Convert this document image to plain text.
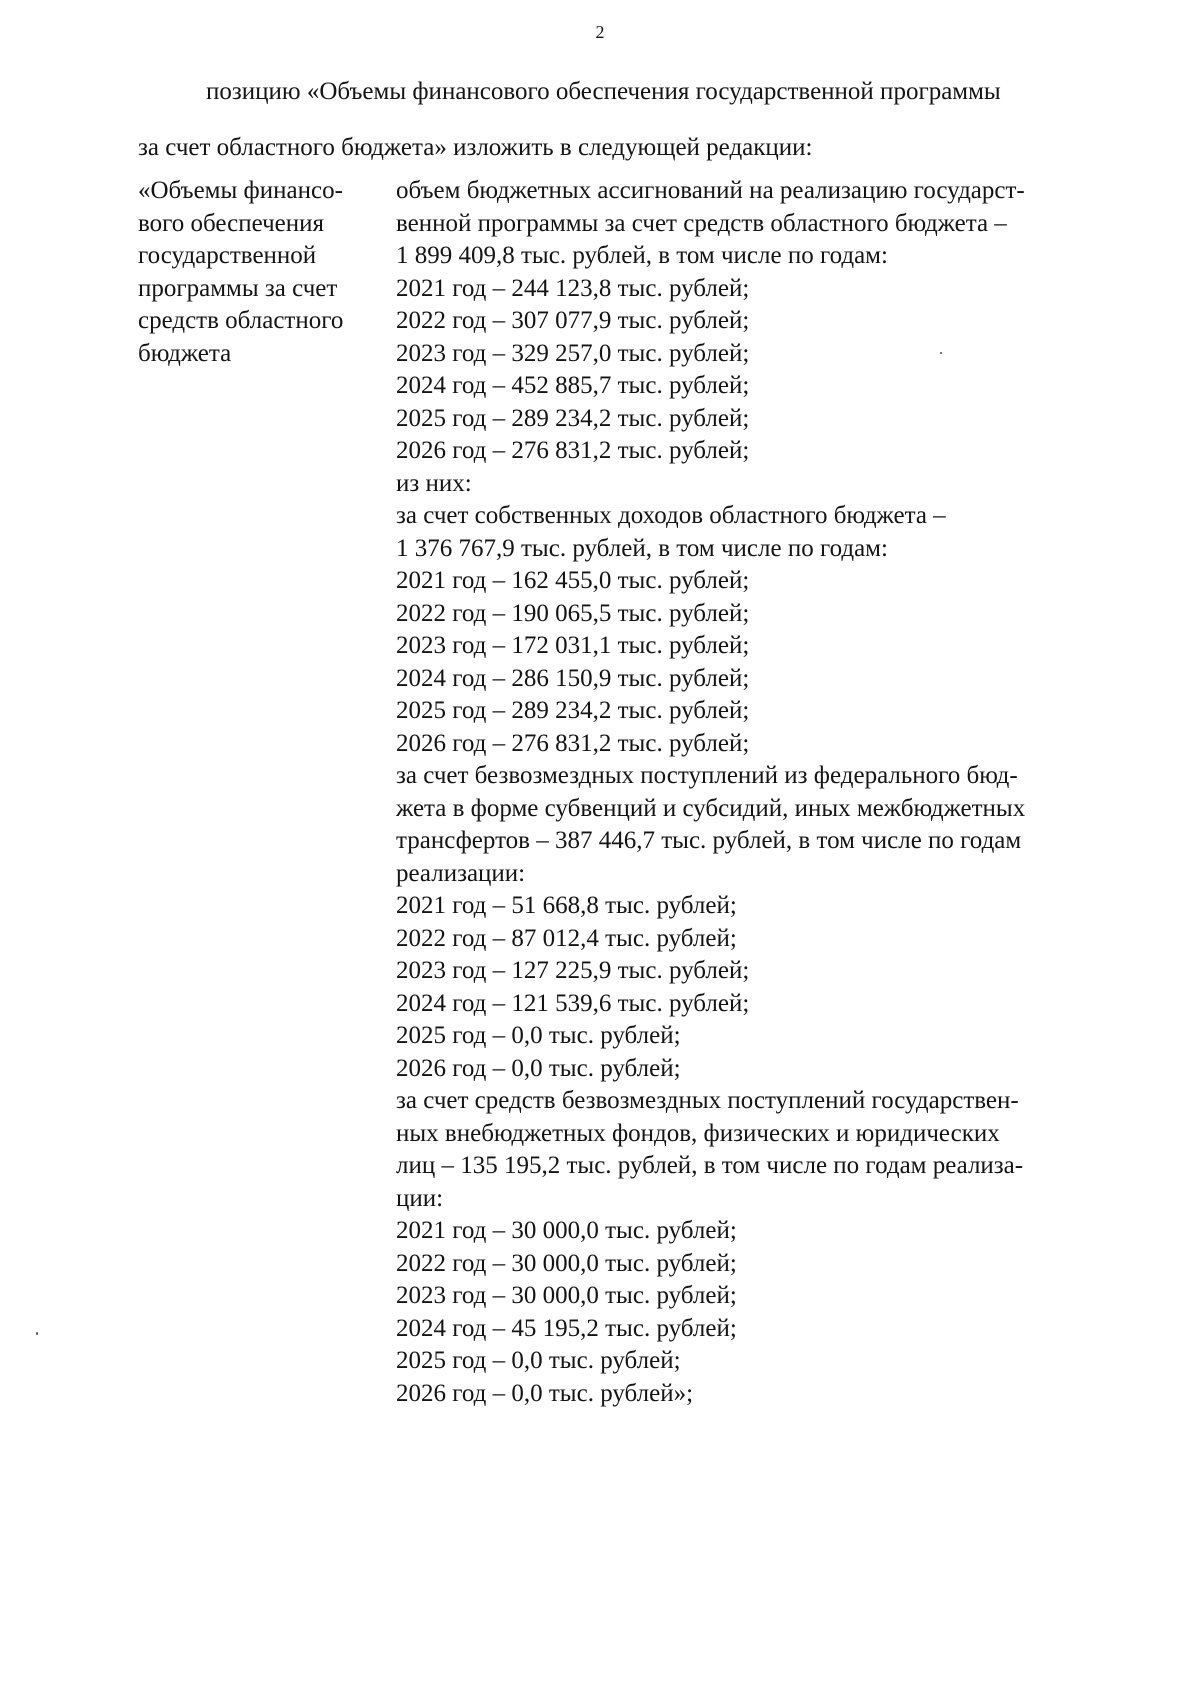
2
позицию «Объемы финансового обеспечения государственной программы
за счет областного бюджета» изложить в следующей редакции:
«Объемы финансо-
вого обеспечения
государственной
программы за счет
средств областного
бюджета
объем бюджетных ассигнований на реализацию государст-
венной программы за счет средств областного бюджета –
1 899 409,8 тыс. рублей, в том числе по годам:
2021 год – 244 123,8 тыс. рублей;
2022 год – 307 077,9 тыс. рублей;
2023 год – 329 257,0 тыс. рублей;
2024 год – 452 885,7 тыс. рублей;
2025 год – 289 234,2 тыс. рублей;
2026 год – 276 831,2 тыс. рублей;
из них:
за счет собственных доходов областного бюджета –
1 376 767,9 тыс. рублей, в том числе по годам:
2021 год – 162 455,0 тыс. рублей;
2022 год – 190 065,5 тыс. рублей;
2023 год – 172 031,1 тыс. рублей;
2024 год – 286 150,9 тыс. рублей;
2025 год – 289 234,2 тыс. рублей;
2026 год – 276 831,2 тыс. рублей;
за счет безвозмездных поступлений из федерального бюд-
жета в форме субвенций и субсидий, иных межбюджетных
трансфертов – 387 446,7 тыс. рублей, в том числе по годам
реализации:
2021 год – 51 668,8 тыс. рублей;
2022 год – 87 012,4 тыс. рублей;
2023 год – 127 225,9 тыс. рублей;
2024 год – 121 539,6 тыс. рублей;
2025 год – 0,0 тыс. рублей;
2026 год – 0,0 тыс. рублей;
за счет средств безвозмездных поступлений государствен-
ных внебюджетных фондов, физических и юридических
лиц – 135 195,2 тыс. рублей, в том числе по годам реализа-
ции:
2021 год – 30 000,0 тыс. рублей;
2022 год – 30 000,0 тыс. рублей;
2023 год – 30 000,0 тыс. рублей;
2024 год – 45 195,2 тыс. рублей;
2025 год – 0,0 тыс. рублей;
2026 год – 0,0 тыс. рублей»;
